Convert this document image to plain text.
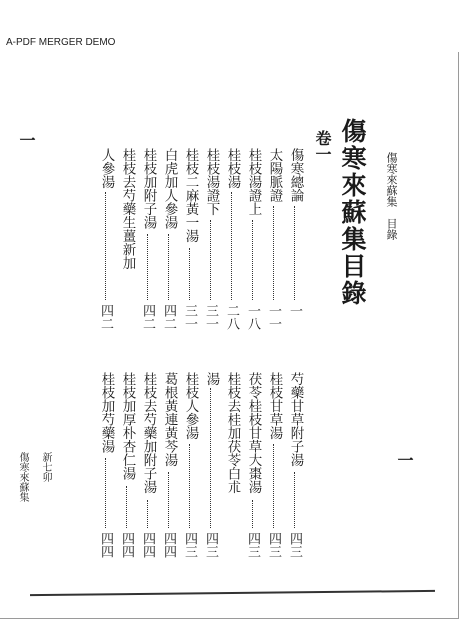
A-PDF MERGER DEMO
傷寒來蘇集目錄 傷寒來蘇集　目錄
卷一
傷寒總論
一
太陽脈證
一一
桂枝湯證上
一八
桂枝湯
二八
桂枝湯證下
三一
桂枝二麻黃一湯
三一
白虎加人參湯
四二
桂枝加附子湯
四二
桂枝去芍藥生薑新加
人參湯
四二
芍藥甘草附子湯
四三
桂枝甘草湯
四三
茯苓桂枝甘草大棗湯
四三
桂枝去桂加茯苓白朮
湯
四三
桂枝人參湯
四三
葛根黃連黃芩湯
四四
桂枝去芍藥加附子湯
四四
桂枝加厚朴杏仁湯
四四
桂枝加芍藥湯
四四
一
一
傷寒來蘇集 新七卯
